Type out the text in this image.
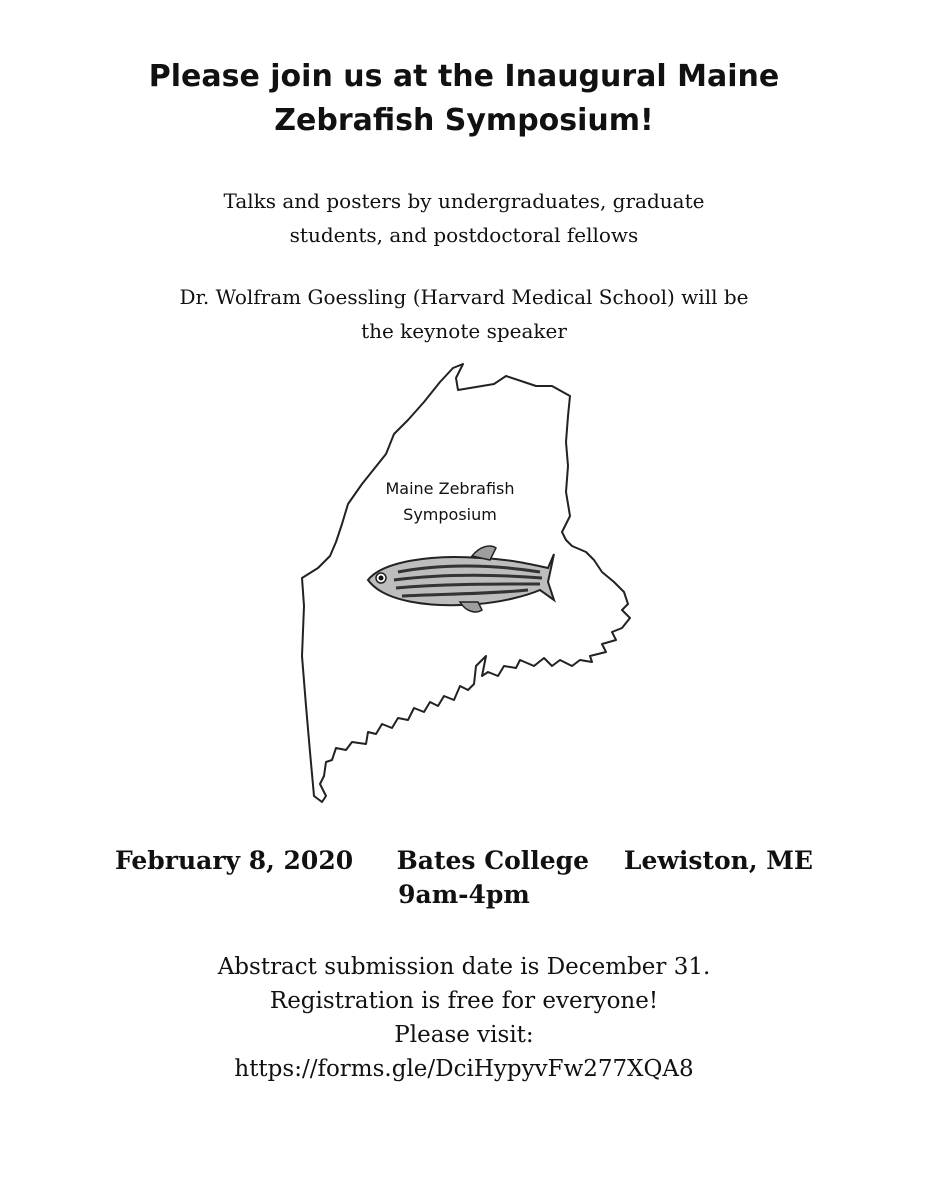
Please join us at the Inaugural Maine
Zebrafish Symposium!

Talks and posters by undergraduates, graduate

students, and postdoctoral fellows

Dr. Wolfram Goessling (Harvard Medical School) will be

the keynote speaker

Maine Zebrafish
Symposium

February 8, 2020     Bates College    Lewiston, ME

9am-4pm

Abstract submission date is December 31.

Registration is free for everyone!

Please visit:

https://forms.gle/DciHypyvFw277XQA8
